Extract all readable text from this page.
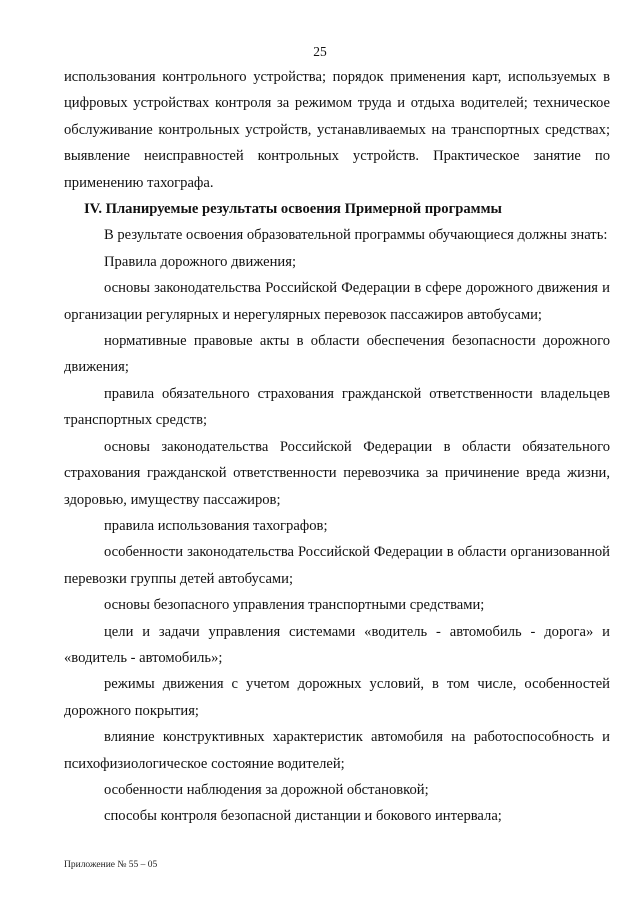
25

использования контрольного устройства; порядок применения карт, используемых в цифровых устройствах контроля за режимом труда и отдыха водителей; техническое обслуживание контрольных устройств, устанавливаемых на транспортных средствах; выявление неисправностей контрольных устройств. Практическое занятие по применению тахографа.

IV. Планируемые результаты освоения Примерной программы

В результате освоения образовательной программы обучающиеся должны знать:

Правила дорожного движения;

основы законодательства Российской Федерации в сфере дорожного движения и организации регулярных и нерегулярных перевозок пассажиров автобусами;

нормативные правовые акты в области обеспечения безопасности дорожного движения;

правила обязательного страхования гражданской ответственности владельцев транспортных средств;

основы законодательства Российской Федерации в области обязательного страхования гражданской ответственности перевозчика за причинение вреда жизни, здоровью, имуществу пассажиров;

правила использования тахографов;

особенности законодательства Российской Федерации в области организованной перевозки группы детей автобусами;

основы безопасного управления транспортными средствами;

цели и задачи управления системами «водитель - автомобиль - дорога» и «водитель - автомобиль»;

режимы движения с учетом дорожных условий, в том числе, особенностей дорожного покрытия;

влияние конструктивных характеристик автомобиля на работоспособность и психофизиологическое состояние водителей;

особенности наблюдения за дорожной обстановкой;

способы контроля безопасной дистанции и бокового интервала;

Приложение № 55 – 05
